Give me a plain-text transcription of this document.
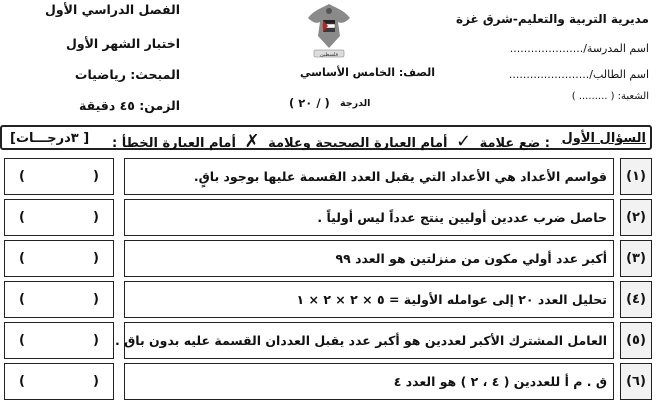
الفصل الدراسي الأول
اختبار الشهر الأول
المبحث: رياضيات
الزمن: ٤٥ دقيقة
فلسطين
الصف: الخامس الأساسي
الدرجة
( / ٢٠ )
مديرية التربية والتعليم-شرق غزة
اسم المدرسة/.....................
اسم الطالب/.......................
الشعبة: ( ......... )
السؤال الأول
: ضع علامة ✓ أمام العبارة الصحيحة وعلامة ✗ أمام العبارة الخطأ :
[ ٣درجـــات]
(١)
قواسم الأعداد هي الأعداد التي يقبل العدد القسمة عليها بوجود باقٍ.
(	)
(٢)
حاصل ضرب عددين أوليين ينتج عدداً ليس أولياً .
(	)
(٣)
أكبر عدد أولي مكون من منزلتين هو العدد ٩٩
(	)
(٤)
تحليل العدد ٢٠ إلى عوامله الأولية = ٥ × ٢ × ٢ × ١
(	)
(٥)
العامل المشترك الأكبر لعددين هو أكبر عدد يقبل العددان القسمة عليه بدون باق .
(	)
(٦)
ق . م أ للعددين ( ٤ ، ٢ ) هو العدد ٤
(	)
